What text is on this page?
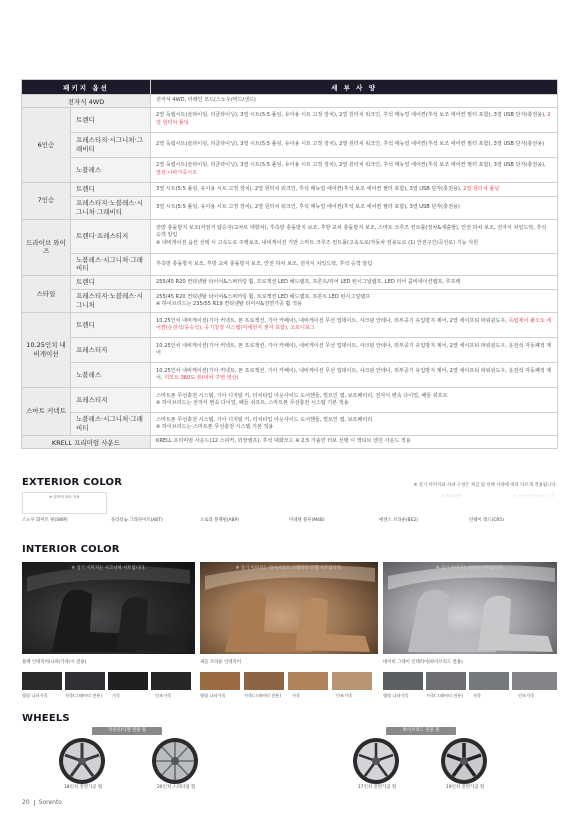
패키지 옵션		세 부 사 양
전자식 4WD		전자식 4WD, 터레인 모드(스노우/머드/샌드)
6인승	트렌디	2열 독립시트(슬라이딩, 리클라이닝), 3열 시트(5:5 폴딩, 유아용 시트 고정 장치), 2열 원터치 워크인, 후석 매뉴얼 에어컨(후석 보조 에어컨 필터 포함), 3열 USB 단자(충전용), 2열 원터치 폴딩
	프레스티지·시그니처·그래비티	2열 독립시트(슬라이딩, 리클라이닝), 3열 시트(5:5 폴딩, 유아용 시트 고정 장치), 2열 원터치 워크인, 후석 매뉴얼 에어컨(후석 보조 에어컨 필터 포함), 3열 USB 단자(충전용)
	노블레스	2열 독립시트(슬라이딩, 리클라이닝), 3열 시트(5:5 폴딩, 유아용 시트 고정 장치), 2열 원터치 워크인, 후석 매뉴얼 에어컨(후석 보조 에어컨 필터 포함), 3열 USB 단자(충전용), 열선 나파가죽시트
7인승	트렌디	3열 시트(5:5 폴딩, 유아용 시트 고정 장치), 2열 원터치 워크인, 후석 매뉴얼 에어컨(후석 보조 에어컨 필터 포함), 3열 USB 단자(충전용), 2열 원터치 폴딩
	프레스티지·노블레스·시그니처·그래비티	3열 시트(5:5 폴딩, 유아용 시트 고정 장치), 2열 원터치 워크인, 후석 매뉴얼 에어컨(후석 보조 에어컨 필터 포함), 3열 USB 단자(충전용)
드라이브 와이즈	트렌디·프레스티지	전방 충돌방지 보조(자전거 탑승자/교차로 대향차), 후측방 충돌방지 보조, 후방 교차 충돌방지 보조, 스마트 크루즈 컨트롤(정차&재출발), 안전 하차 보조, 전자식 차일드락, 후석 승객 알림
※ 내비게이션 옵션 선택 시 고속도로 주행보조, 내비게이션 기반 스마트 크루즈 컨트롤(고속도로/자동차 전용도로 (1) 안전구간/곡선로) 기능 지원
	노블레스·시그니처·그래비티	후측방 충돌방지 보조, 후방 교차 충돌방지 보조, 안전 하차 보조, 전자식 차일드락, 후석 승객 알림
스타일	트렌디	255/45 R20 컨티넨탈 타이어&스퍼터링 휠, 프로젝션 LED 헤드램프, 프론트/리어 LED 턴시그널램프, LED 리어 콤비네이션램프, 루프랙
	프레스티지·노블레스·시그니처	255/45 R20 컨티넨탈 타이어&스퍼터링 휠, 프로젝션 LED 헤드램프, 프론트 LED 턴시그널램프
※ 하이브리드는 235/55 R19 컨티넨탈 타이어&전면가공 휠 적용
10.25인치 내비게이션	트렌디	10.25인치 내비게이션(기아 커넥트, 폰 프로젝션, 기아 카페이), 내비게이션 무선 업데이트, 샤크핀 안테나, 외부공기 유입방지 제어, 2열 세이프티 파워윈도우, 독립제어 풀오토 에어컨(운전석/동승석), 공기청정 시스템(미세먼지 센서 포함), 오토디포그
	프레스티지	10.25인치 내비게이션(기아 커넥트, 폰 프로젝션, 기아 카페이), 내비게이션 무선 업데이트, 샤크핀 안테나, 외부공기 유입방지 제어, 2열 세이프티 파워윈도우, 운전석 자동쾌적 제어
	노블레스	10.25인치 내비게이션(기아 커넥트, 폰 프로젝션, 기아 카페이), 내비게이션 무선 업데이트, 샤크핀 안테나, 외부공기 유입방지 제어, 2열 세이프티 파워윈도우, 운전석 자동쾌적 제어, 리모트 360도 뷰(내차 주변 영상)
스마트 커넥트	프레스티지	스마트폰 무선충전 시스템, 기아 디지털 키, 터치타입 아웃사이드 도어핸들, 빌트인 캠, 보조배터리, 전자식 변속 다이얼, 패들 쉬프트
※ 하이브리드는 전자식 변속 다이얼, 패들 쉬프트, 스마트폰 무선충전 시스템 기본 적용
	노블레스·시그니처·그래비티	스마트폰 무선충전 시스템, 기아 디지털 키, 터치타입 아웃사이드 도어핸들, 빌트인 캠, 보조배터리
※ 하이브리드는 스마트폰 무선충전 시스템 기본 적용
KRELL 프리미엄 사운드		KRELL 프리미엄 사운드(12 스피커, 외장앰프), 후석 대화모드 ※ 2.5 가솔린 터보 선택 시 액티브 엔진 사운드 적용
EXTERIOR COLOR	※ 실기 이미지와 사양 구성은 차급 및 선택 사양에 따라 다르게 적용됩니다.
※ 컬러에 따라 적용	※ 미출 한정	※ 가솔린/하이브리드 한정
스노우 화이트 펄(SWP)	플라티늄 그라파이트(ABT)	오로라 블랙펄(ABP)	미네랄 블루(M4B)	에센스 브라운(BE2)	런웨이 레드(CR5)
INTERIOR COLOR
※ 상기 이미지는 시그니처 시트입니다.	※ 상기 이미지는 하이브리드 그래비티 모델 시트입니다.	※ 상기 이미지는 6인승 시트입니다.
블랙 인테리어(나파/가죽/시 전용)	새들 브라운 인테리어	네이비 그레이 인테리어(하이브리드 전용)
헬링 나파가죽	가죽(그래비티 전용) 가죽	인조가죽	헬링 나파가죽	가죽(그래비티 전용)	가죽	인조가죽	헬링 나파가죽	가죽(그래비티 전용) 가죽	인조가죽
WHEELS
가솔린/디젤 전용 휠	하이브리드 전용 휠
18인치 전면가공 휠	20인치 스퍼터링 휠	17인치 전면가공 휠	19인치 전면가공 휠
20 Sorento
